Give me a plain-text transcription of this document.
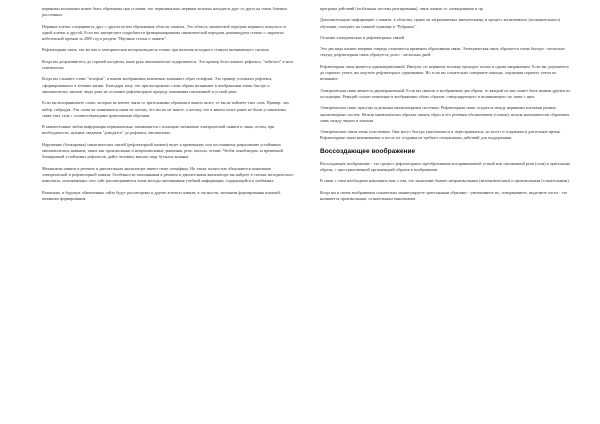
нервными волокнами может быть образована при условии, что первоначально нервные волокна находятся друг от друга на очень близком расстоянии.

Нервные клетки соединяются друг с другом путем образования области синапса. Это область химической передачи нервного импульса от одной клетки к другой. Если вас интересуют подробности функционирования синаптической передачи, рекомендуем статью о лауреатах нобелевской премии за 2000 год в разделе "Научные статьи о памяти".

Рефлекторная связь, так же как и электрическая воспроизводится только при наличии исходного стимула вызывающего сигнала.

Когда вы дотрагиваетесь до горячей кастрюли, ваша рука автоматически отдергивается. Это пример безусловного рефлекса, "забитого" в мозг генетически.

Когда вы слышите слово "телефон", в вашем воображении мгновенно возникает образ телефона. Это пример условного рефлекса, сформированного в течение жизни. Благодаря тому, что при восприятии слова образы возникают в воображении очень быстро и автоматически, многие люди даже не осознают рефлекторную природу понимания письменной и устной речи.

Если вы воспринимаете слово, которые не имеют связи со зрительными образами в вашем мозге, то вы не поймете этих слов. Пример: лиз, кибер, гибридуя. Эти слова не понимаются нами не потому, что вы их не знаете, а потому, что в вашем мозге ранее не были установлены связи этих слов с соответствующими зрительными образами.

В мнемотехнике любая информация первоначально запоминается с помощью механизма электрической памяти и лишь, потом, при необходимости, нужные сведения "доводятся" до рефлекса, автоматизма.

Нарушение (блокировка) синаптических связей (рефлекторной памяти) ведет к временному или постоянному разрушению устойчивых автоматических навыков, таких как произвольные и непроизвольные движения, речь, письмо, чтение. Чтобы понаблюдать за временной блокировкой устойчивых рефлексов, дайте человеку выпить пару бутылок коньяка.

Механизмы памяти в речевом и двигательном анализаторе имеют свою специфику. Но также полностью объясняются понятиями электрической и рефлекторной памяти. Особенности запоминания в речевом и двигательном анализаторе вы найдете в статьях методического комплекта, описывающих этот сайт рассматриваются лишь методы запоминания учебной информации, содержащейся в учебниках.

Возможно, в будущих обновлениях сайта будут рассмотрены и другие аспекты памяти, в частности, механизм формирования понятий, механизм формирования

программ действий (глобальная система реагирования), связь памяти со сновидениями и пр.

Дополнительную информацию о памяти, в областях, прямо не затрагиваемых мнемотехнику и процесс когнитивного (познавательного) обучения, смотрите на главной странице в "Рубриках".

Отличия электрических и рефлекторных связей

Эти два вида памяти впервые очередь отличаются временем образования связи. Электрическая связь образуется очень быстро - несколько секунд, рефлекторная связь образуется долго - несколько дней.

Рефлекторная связь является однонаправленной. Импульс по нервному волокну проходит только в одном направлении. Если вы дотронетесь до горячего утюга, вы ощутите рефлекторное одергивание. Но если вы сознательно совершите мышцы, ощущения горячего утюга не возникнет.

Электрическая связь является двунаправленной. Если вы связали в воображении два образа, то каждый из них может быть вызван другим по ассоциации. Реакций служит появление в воображении обоих образов: стимулирующего и возникающего по связи с ним.

Электрическая связь присуща отдельным анализаторным системам. Рефлекторная связь создается между нервными клетками разных анализаторных систем. Нельзя мнемонически образом связать образ и его речевым обозначением (словом), нельзя мнемонически образовать связь между звуком и запахом.

Электрические связи очень пластичные. Они могут быстро уничтожаться и перестраиваться, но могут и сохраняться длительное время. Рефлекторные связи неизменяемы и после их создания не требуют специальных действий для поддержания.

Воссоздающее воображение

Воссоздающее воображение - это процесс рефлекторного преобразования воспринимаемой устной или письменной речи (слов) в зрительные образы, с пространственной организацией образов в воображении.

В связи с этим необходимо напомнить вам о том, что мышление бывает непроизвольным (автоматическим) и произвольным (сознательным).

Когда вы в своем воображении сознательно манипулируете зрительными образами - увеличиваете их, поворачиваете, выделяете части - это называется произвольным, сознательным мышлением.
